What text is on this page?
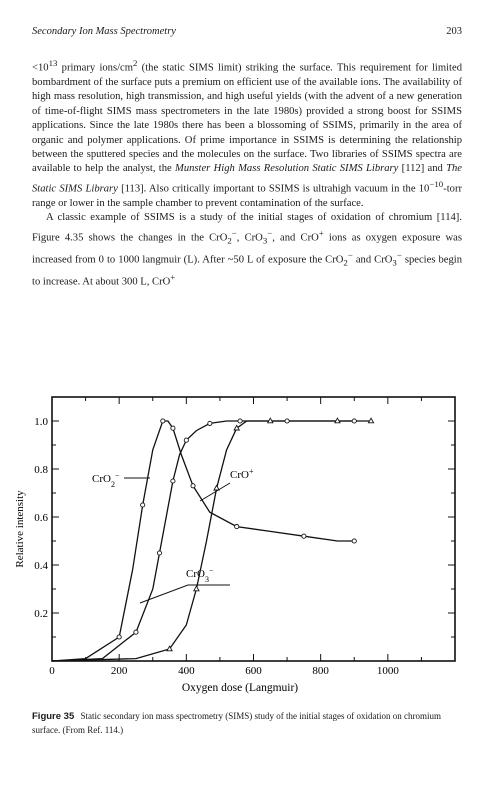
Secondary Ion Mass Spectrometry	203

$<10^{13}$ primary ions/$cm^2$ (the static SIMS limit) striking the surface. This requirement for limited bombardment of the surface puts a premium on efficient use of the available ions. The availability of high mass resolution, high transmission, and high useful yields (with the advent of a new generation of time-of-flight SIMS mass spectrometers in the late 1980s) provided a strong boost for SSIMS applications. Since the late 1980s there has been a blossoming of SSIMS, primarily in the area of organic and polymer applications. Of prime importance in SSIMS is determining the relationship between the sputtered species and the molecules on the surface. Two libraries of SSIMS spectra are available to help the analyst, the Munster High Mass Resolution Static SIMS Library [112] and The Static SIMS Library [113]. Also critically important to SSIMS is ultrahigh vacuum in the $10^{-10}$-torr range or lower in the sample chamber to prevent contamination of the surface.

A classic example of SSIMS is a study of the initial stages of oxidation of chromium [114]. Figure 4.35 shows the changes in the CrO$_2$−, CrO$_3$−, and CrO+ ions as oxygen exposure was increased from 0 to 1000 langmuir (L). After ~50 L of exposure the CrO$_2$− and CrO$_3$− species begin to increase. At about 300 L, CrO+

0	200	400	600	800	1000
0.2
0.4
0.6
0.8
1.0
Oxygen dose (Langmuir)
Relative intensity
CrO$_2$−	CrO+
CrO$_3$−
Figure 35 Static secondary ion mass spectrometry (SIMS) study of the initial stages of oxidation on chromium surface. (From Ref. 114.)
